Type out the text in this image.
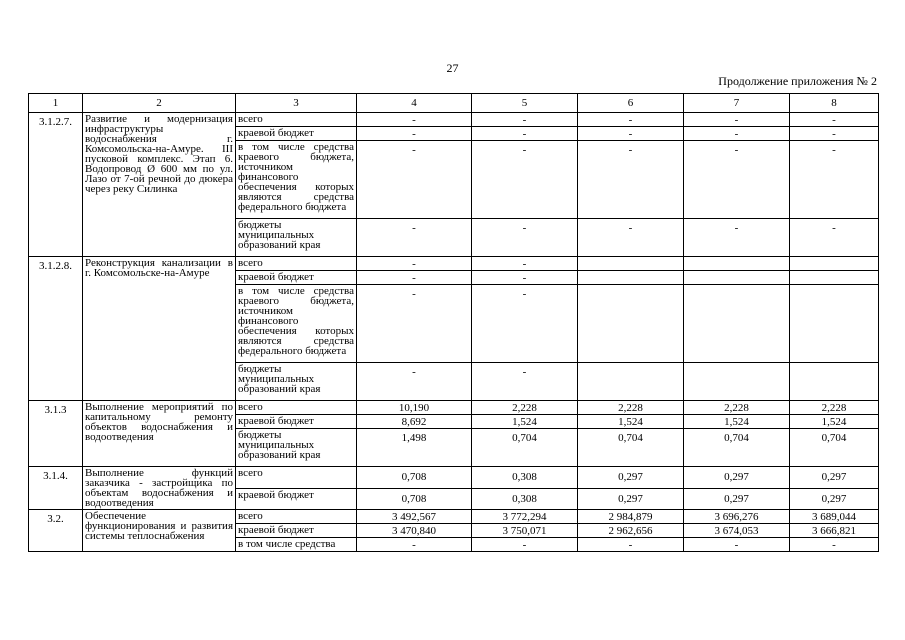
27
Продолжение приложения № 2
1	2	3	4	5	6	7	8
3.1.2.7.	Развитие и модернизация инфраструктуры водоснабжения г. Комсомольска-на-Амуре. III пусковой комплекс. Этап 6. Водопровод Ø 600 мм по ул. Лазо от 7-ой речной до дюкера через реку Силинка	всего	-	-	-	-	-
		краевой бюджет	-	-	-	-	-
		в том числе средства краевого бюджета, источником финансового обеспечения которых являются средства федерального бюджета	-	-	-	-	-
		бюджеты муниципальных образований края	-	-	-	-	-
3.1.2.8.	Реконструкция канализации в г. Комсомольске-на-Амуре	всего	-	-			
		краевой бюджет	-	-			
		в том числе средства краевого бюджета, источником финансового обеспечения которых являются средства федерального бюджета	-	-			
		бюджеты муниципальных образований края	-	-			
3.1.3	Выполнение мероприятий по капитальному ремонту объектов водоснабжения и водоотведения	всего	10,190	2,228	2,228	2,228	2,228
		краевой бюджет	8,692	1,524	1,524	1,524	1,524
		бюджеты муниципальных образований края	1,498	0,704	0,704	0,704	0,704
3.1.4.	Выполнение функций заказчика - застройщика по объектам водоснабжения и водоотведения	всего	0,708	0,308	0,297	0,297	0,297
		краевой бюджет	0,708	0,308	0,297	0,297	0,297
3.2.	Обеспечение функционирования и развития системы теплоснабжения	всего	3 492,567	3 772,294	2 984,879	3 696,276	3 689,044
		краевой бюджет	3 470,840	3 750,071	2 962,656	3 674,053	3 666,821
		в том числе средства	-	-	-	-	-
